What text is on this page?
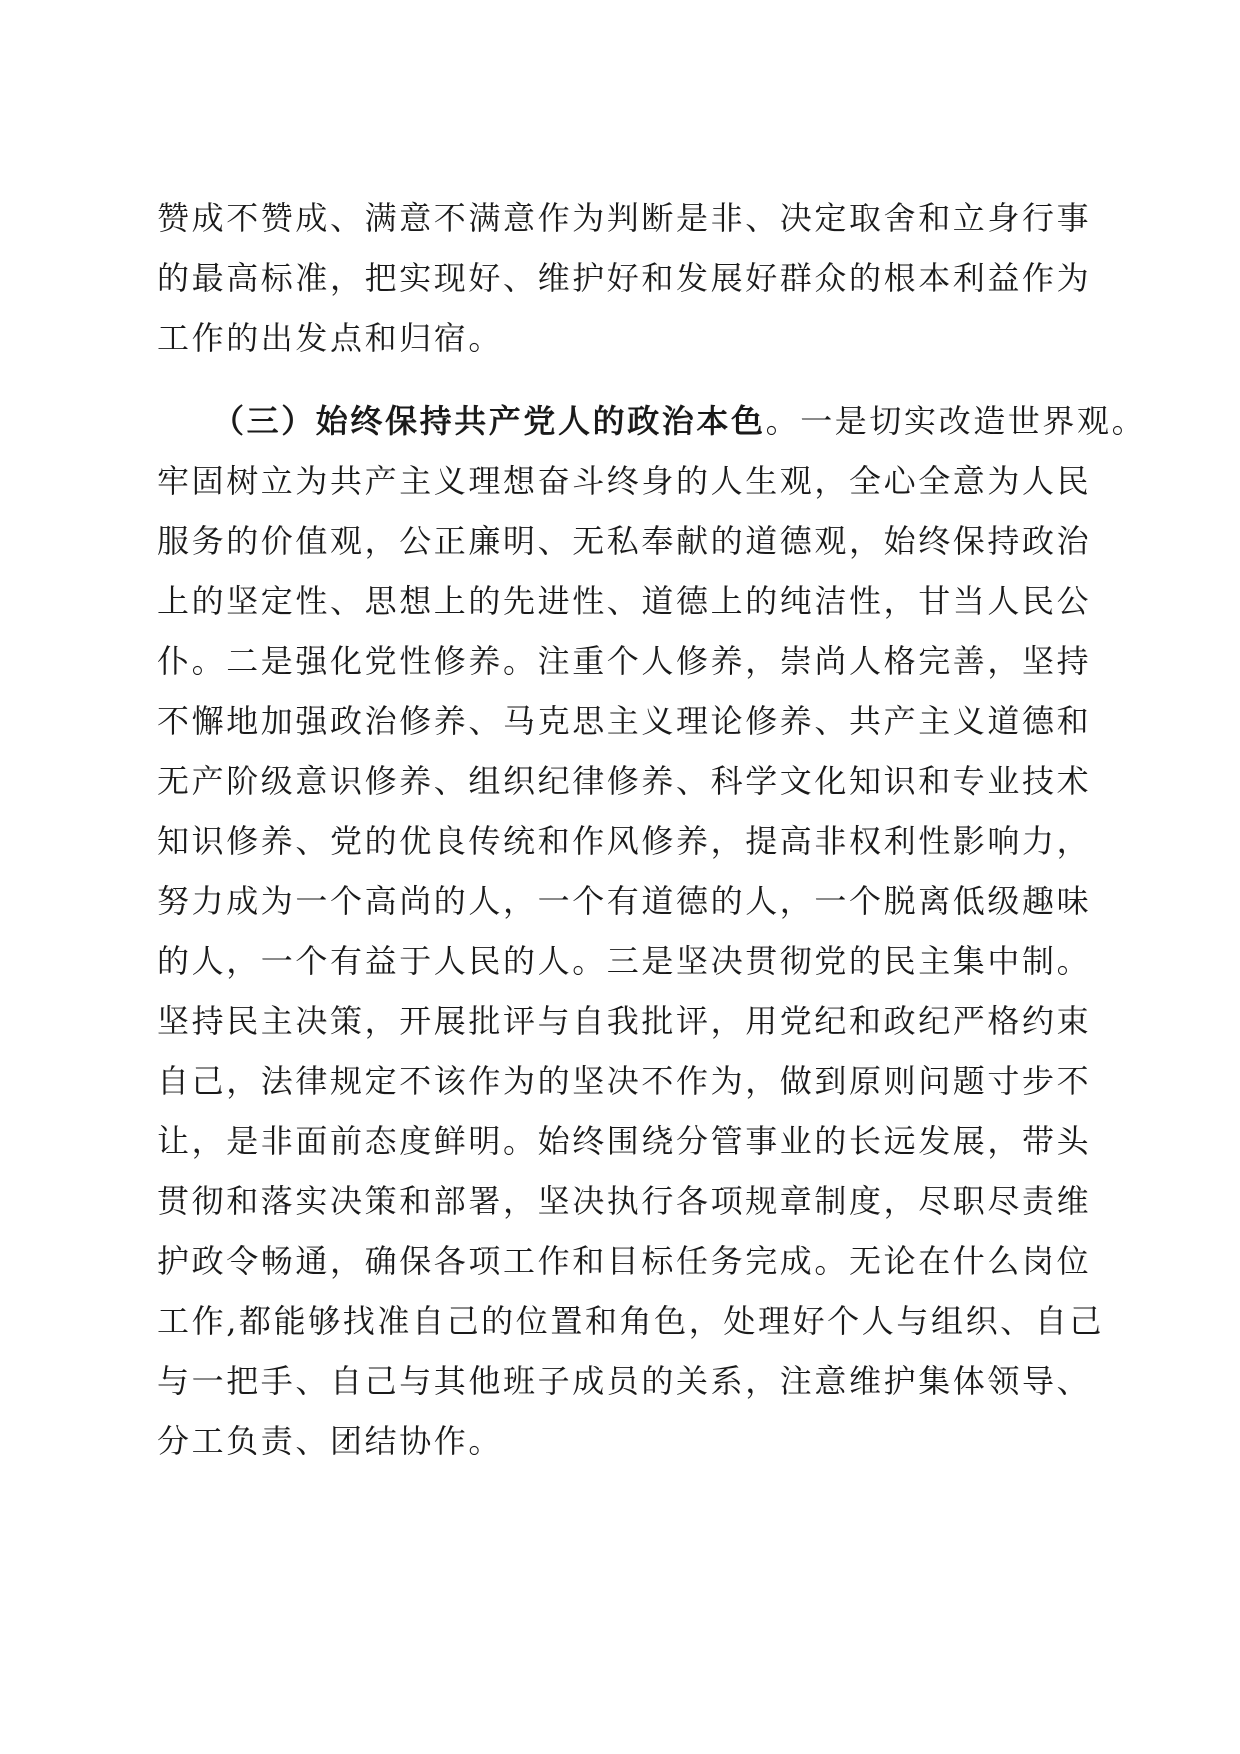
赞成不赞成、满意不满意作为判断是非、决定取舍和立身行事
的最高标准，把实现好、维护好和发展好群众的根本利益作为
工作的出发点和归宿。
（三）始终保持共产党人的政治本色。一是切实改造世界观。
牢固树立为共产主义理想奋斗终身的人生观，全心全意为人民
服务的价值观，公正廉明、无私奉献的道德观，始终保持政治
上的坚定性、思想上的先进性、道德上的纯洁性，甘当人民公
仆。二是强化党性修养。注重个人修养，崇尚人格完善，坚持
不懈地加强政治修养、马克思主义理论修养、共产主义道德和
无产阶级意识修养、组织纪律修养、科学文化知识和专业技术
知识修养、党的优良传统和作风修养，提高非权利性影响力，
努力成为一个高尚的人，一个有道德的人，一个脱离低级趣味
的人，一个有益于人民的人。三是坚决贯彻党的民主集中制。
坚持民主决策，开展批评与自我批评，用党纪和政纪严格约束
自己，法律规定不该作为的坚决不作为，做到原则问题寸步不
让，是非面前态度鲜明。始终围绕分管事业的长远发展，带头
贯彻和落实决策和部署，坚决执行各项规章制度，尽职尽责维
护政令畅通，确保各项工作和目标任务完成。无论在什么岗位
工作,都能够找准自己的位置和角色，处理好个人与组织、自己
与一把手、自己与其他班子成员的关系，注意维护集体领导、
分工负责、团结协作。
